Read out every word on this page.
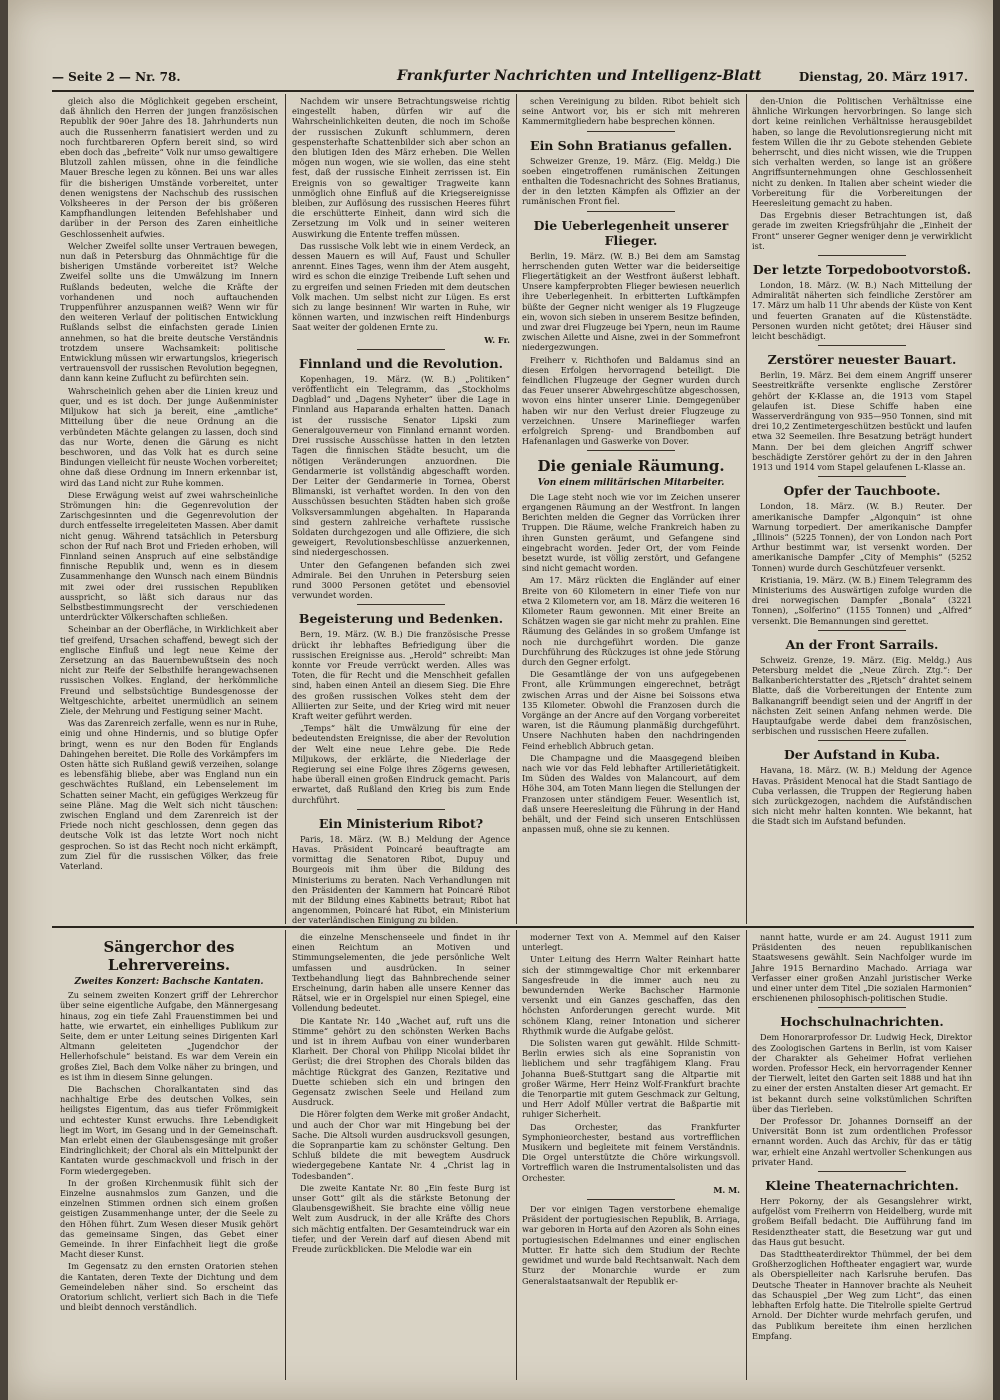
— Seite 2 — Nr. 78.	Frankfurter Nachrichten und Intelligenz-Blatt	Dienstag, 20. März 1917.

gleich also die Möglichkeit gegeben erscheint, daß ähnlich den Herren der jungen französischen Republik der 90er Jahre des 18. Jahrhunderts nun auch die Russenherrn fanatisiert werden und zu noch furchtbareren Opfern bereit sind, so wird eben doch das „befreite“ Volk nur umso gewaltigere Blutzoll zahlen müssen, ohne in die feindliche Mauer Bresche legen zu können. Bei uns war alles für die bisherigen Umstände vorbereitet, unter denen wenigstens der Nachschub des russischen Volksheeres in der Person der bis größeren Kampfhandlungen leitenden Befehlshaber und darüber in der Person des Zaren einheitliche Geschlossenheit aufwies.

Welcher Zweifel sollte unser Vertrauen bewegen, nun daß in Petersburg das Ohnmächtige für die bisherigen Umstände vorbereitet ist? Welche Zweifel sollte uns die Umwälzung im Innern Rußlands bedeuten, welche die Kräfte der vorhandenen und noch auftauchenden Truppenführer anzuspannen weiß? Wenn wir für den weiteren Verlauf der politischen Entwicklung Rußlands selbst die einfachsten gerade Linien annehmen, so hat die breite deutsche Verständnis trotzdem unsere Wachsamkeit: politische Entwicklung müssen wir erwartungslos, kriegerisch vertrauensvoll der russischen Revolution begegnen, dann kann keine Zuflucht zu befürchten sein.

Wahrscheinlich gehen aber die Linien kreuz und quer, und es ist doch. Der junge Außenminister Miljukow hat sich ja bereit, eine „amtliche“ Mitteilung über die neue Ordnung an die verbündeten Mächte gelangen zu lassen, doch sind das nur Worte, denen die Gärung es nicht beschworen, und das Volk hat es durch seine Bindungen vielleicht für neuste Wochen vorbereitet; ohne daß diese Ordnung im Innern erkennbar ist, wird das Land nicht zur Ruhe kommen.

Diese Erwägung weist auf zwei wahrscheinliche Strömungen hin: die Gegenrevolution der Zarischgesinnten und die Gegenrevolution der durch entfesselte irregeleiteten Massen. Aber damit nicht genug. Während tatsächlich in Petersburg schon der Ruf nach Brot und Frieden erhoben, will Finnland seinen Anspruch auf eine selbständige finnische Republik und, wenn es in diesem Zusammenhange den Wunsch nach einem Bündnis mit zwei oder drei russischen Republiken ausspricht, so läßt sich daraus nur das Selbstbestimmungsrecht der verschiedenen unterdrückter Völkerschaften schließen.

Scheinbar an der Oberfläche, in Wirklichkeit aber tief greifend, Ursachen schaffend, bewegt sich der englische Einfluß und legt neue Keime der Zersetzung an das Bauernbewußtsein des noch nicht zur Reife der Selbsthilfe herangewachsenen russischen Volkes. England, der herkömmliche Freund und selbstsüchtige Bundesgenosse der Weltgeschichte, arbeitet unermüdlich an seinem Ziele, der Mehrung und Festigung seiner Macht.

Was das Zarenreich zerfalle, wenn es nur in Ruhe, einig und ohne Hindernis, und so blutige Opfer bringt, wenn es nur den Boden für Englands Dahingehen bereitet. Die Rolle des Vorkämpfers im Osten hätte sich Rußland gewiß verzeihen, solange es lebensfähig bliebe, aber was England nun ein geschwächtes Rußland, ein Lebenselement im Schatten seiner Macht, ein gefügiges Werkzeug für seine Pläne. Mag die Welt sich nicht täuschen: zwischen England und dem Zarenreich ist der Friede noch nicht geschlossen, denn gegen das deutsche Volk ist das letzte Wort noch nicht gesprochen. So ist das Recht noch nicht erkämpft, zum Ziel für die russischen Völker, das freie Vaterland.

Nachdem wir unsere Betrachtungsweise richtig eingestellt haben, dürfen wir auf die Wahrscheinlichkeiten deuten, die noch im Schoße der russischen Zukunft schlummern, deren gespensterhafte Schattenbilder sich aber schon an den blutigen Iden des März erheben. Die Wellen mögen nun wogen, wie sie wollen, das eine steht fest, daß der russische Einheit zerrissen ist. Ein Ereignis von so gewaltiger Tragweite kann unmöglich ohne Einfluß auf die Kriegsereignisse bleiben, zur Auflösung des russischen Heeres führt die erschütterte Einheit, dann wird sich die Zersetzung im Volk und in seiner weiteren Auswirkung die Entente treffen müssen.

Das russische Volk lebt wie in einem Verdeck, an dessen Mauern es will Auf, Faust und Schuller anrennt. Eines Tages, wenn ihm der Atem ausgeht, wird es schon die einzige Treibende Luft sehen und zu ergreifen und seinen Frieden mit dem deutschen Volk machen. Um selbst nicht zur Lügen. Es erst sich zu lange besinnen! Wir warten in Ruhe, wir können warten, und inzwischen reift Hindenburgs Saat weiter der goldenen Ernte zu.

W. Fr.
Finnland und die Revolution.

Kopenhagen, 19. März. (W. B.) „Politiken“ veröffentlicht ein Telegramm, das „Stockholms Dagblad“ und „Dagens Nyheter“ über die Lage in Finnland aus Haparanda erhalten hatten. Danach ist der russische Senator Lipski zum Generalgouverneur von Finnland ernannt worden. Drei russische Ausschüsse hatten in den letzten Tagen die finnischen Städte besucht, um die nötigen Veränderungen anzuordnen. Die Gendarmerie ist vollständig abgeschafft worden. Der Leiter der Gendarmerie in Tornea, Oberst Blimanski, ist verhaftet worden. In den von den Ausschüssen besuchten Städten haben sich große Volksversammlungen abgehalten. In Haparanda sind gestern zahlreiche verhaftete russische Soldaten durchgezogen und alle Offiziere, die sich geweigert, Revolutionsbeschlüsse anzuerkennen, sind niedergeschossen.

Unter den Gefangenen befanden sich zwei Admirale. Bei den Unruhen in Petersburg seien rund 3000 Personen getötet und ebensoviel verwundet worden.

Begeisterung und Bedenken.

Bern, 19. März. (W. B.) Die französische Presse drückt ihr lebhaftes Befriedigung über die russischen Ereignisse aus. „Herold“ schreibt: Man konnte vor Freude verrückt werden. Alles was Toten, die für Recht und die Menschheit gefallen sind, haben einen Anteil an diesem Sieg. Die Ehre des großen russischen Volkes steht dem der Alliierten zur Seite, und der Krieg wird mit neuer Kraft weiter geführt werden.

„Temps“ hält die Umwälzung für eine der bedeutendsten Ereignisse, die aber der Revolution der Welt eine neue Lehre gebe. Die Rede Miljukows, der erklärte, die Niederlage der Regierung sei eine Folge ihres Zögerns gewesen, habe überall einen großen Eindruck gemacht. Paris erwartet, daß Rußland den Krieg bis zum Ende durchführt.

Ein Ministerium Ribot?

Paris, 18. März. (W. B.) Meldung der Agence Havas. Präsident Poincaré beauftragte am vormittag die Senatoren Ribot, Dupuy und Bourgeois mit ihm über die Bildung des Ministeriums zu beraten. Nach Verhandlungen mit den Präsidenten der Kammern hat Poincaré Ribot mit der Bildung eines Kabinetts betraut; Ribot hat angenommen, Poincaré hat Ribot, ein Ministerium der vaterländischen Einigung zu bilden.

schen Vereinigung zu bilden. Ribot behielt sich seine Antwort vor, bis er sich mit mehreren Kammermitgliedern habe besprechen können.

Ein Sohn Bratianus gefallen.

Schweizer Grenze, 19. März. (Eig. Meldg.) Die soeben eingetroffenen rumänischen Zeitungen enthalten die Todesnachricht des Sohnes Bratianus, der in den letzten Kämpfen als Offizier an der rumänischen Front fiel.

Die Ueberlegenheit unserer Flieger.

Berlin, 19. März. (W. B.) Bei dem am Samstag herrschenden guten Wetter war die beiderseitige Fliegertätigkeit an der Westfront äußerst lebhaft. Unsere kampferprobten Flieger bewiesen neuerlich ihre Ueberlegenheit. In erbitterten Luftkämpfen büßte der Gegner nicht weniger als 19 Flugzeuge ein, wovon sich sieben in unserem Besitze befinden, und zwar drei Flugzeuge bei Ypern, neun im Raume zwischen Ailette und Aisne, zwei in der Sommefront niedergezwungen.

Freiherr v. Richthofen und Baldamus sind an diesen Erfolgen hervorragend beteiligt. Die feindlichen Flugzeuge der Gegner wurden durch das Feuer unserer Abwehrgeschütze abgeschossen, wovon eins hinter unserer Linie. Demgegenüber haben wir nur den Verlust dreier Flugzeuge zu verzeichnen. Unsere Marineflieger warfen erfolgreich Spreng- und Brandbomben auf Hafenanlagen und Gaswerke von Dover.

Die geniale Räumung.
Von einem militärischen Mitarbeiter.

Die Lage steht noch wie vor im Zeichen unserer ergangenen Räumung an der Westfront. In langen Berichten melden die Gegner das Vorrücken ihrer Truppen. Die Räume, welche Frankreich haben zu ihren Gunsten geräumt, und Gefangene sind eingebracht worden. Jeder Ort, der vom Feinde besetzt wurde, ist völlig zerstört, und Gefangene sind nicht gemacht worden.

Am 17. März rückten die Engländer auf einer Breite von 60 Kilometern in einer Tiefe von nur etwa 2 Kilometern vor, am 18. März die weiteren 16 Kilometer Raum gewonnen. Mit einer Breite an Schätzen wagen sie gar nicht mehr zu prahlen. Eine Räumung des Geländes in so großem Umfange ist noch nie durchgeführt worden. Die ganze Durchführung des Rückzuges ist ohne jede Störung durch den Gegner erfolgt.

Die Gesamtlänge der von uns aufgegebenen Front, alle Krümmungen eingerechnet, beträgt zwischen Arras und der Aisne bei Soissons etwa 135 Kilometer. Obwohl die Franzosen durch die Vorgänge an der Ancre auf den Vorgang vorbereitet waren, ist die Räumung planmäßig durchgeführt. Unsere Nachhuten haben den nachdringenden Feind erheblich Abbruch getan.

Die Champagne und die Maasgegend bleiben nach wie vor das Feld lebhafter Artillerietätigkeit. Im Süden des Waldes von Malancourt, auf dem Höhe 304, am Toten Mann liegen die Stellungen der Franzosen unter ständigem Feuer. Wesentlich ist, daß unsere Heeresleitung die Führung in der Hand behält, und der Feind sich unseren Entschlüssen anpassen muß, ohne sie zu kennen.

den-Union die Politischen Verhältnisse eine ähnliche Wirkungen hervorbringen. So lange sich dort keine reinlichen Verhältnisse herausgebildet haben, so lange die Revolutionsregierung nicht mit festem Willen die ihr zu Gebote stehenden Gebiete beherrscht, und dies nicht wissen, wie die Truppen sich verhalten werden, so lange ist an größere Angriffsunternehmungen ohne Geschlossenheit nicht zu denken. In Italien aber scheint wieder die Vorbereitung für die Vorbereitungen der Heeresleitung gemacht zu haben.

Das Ergebnis dieser Betrachtungen ist, daß gerade im zweiten Kriegsfrühjahr die „Einheit der Front“ unserer Gegner weniger denn je verwirklicht ist.

Der letzte Torpedobootvorstoß.

London, 18. März. (W. B.) Nach Mitteilung der Admiralität näherten sich feindliche Zerstörer am 17. März um halb 11 Uhr abends der Küste von Kent und feuerten Granaten auf die Küstenstädte. Personen wurden nicht getötet; drei Häuser sind leicht beschädigt.

Zerstörer neuester Bauart.

Berlin, 19. März. Bei dem einem Angriff unserer Seestreitkräfte versenkte englische Zerstörer gehört der K-Klasse an, die 1913 vom Stapel gelaufen ist. Diese Schiffe haben eine Wasserverdrängung von 935—950 Tonnen, sind mit drei 10,2 Zentimetergeschützen bestückt und laufen etwa 32 Seemeilen. Ihre Besatzung beträgt hundert Mann. Der bei dem gleichen Angriff schwer beschädigte Zerstörer gehört zu der in den Jahren 1913 und 1914 vom Stapel gelaufenen L-Klasse an.

Opfer der Tauchboote.

London, 18. März. (W. B.) Reuter. Der amerikanische Dampfer „Algonquin“ ist ohne Warnung torpediert. Der amerikanische Dampfer „Illinois“ (5225 Tonnen), der von London nach Port Arthur bestimmt war, ist versenkt worden. Der amerikanische Dampfer „City of Memphis“ (5252 Tonnen) wurde durch Geschützfeuer versenkt.

Kristiania, 19. März. (W. B.) Einem Telegramm des Ministeriums des Auswärtigen zufolge wurden die drei norwegischen Dampfer „Bonala“ (3221 Tonnen), „Solferino“ (1155 Tonnen) und „Alfred“ versenkt. Die Bemannungen sind gerettet.

An der Front Sarrails.

Schweiz. Grenze, 19. März. (Eig. Meldg.) Aus Petersburg meldet die „Neue Zürch. Ztg.“: Der Balkanberichterstatter des „Rjetsch“ drahtet seinem Blatte, daß die Vorbereitungen der Entente zum Balkanangriff beendigt seien und der Angriff in der nächsten Zeit seinen Anfang nehmen werde. Die Hauptaufgabe werde dabei dem französischen, serbischen und russischen Heere zufallen.

Der Aufstand in Kuba.

Havana, 18. März. (W. B.) Meldung der Agence Havas. Präsident Menocal hat die Stadt Santiago de Cuba verlassen, die Truppen der Regierung haben sich zurückgezogen, nachdem die Aufständischen sich nicht mehr halten konnten. Wie bekannt, hat die Stadt sich im Aufstand befunden.

Sängerchor des Lehrervereins.
Zweites Konzert: Bachsche Kantaten.

Zu seinem zweiten Konzert griff der Lehrerchor über seine eigentliche Aufgabe, den Männergesang hinaus, zog ein tiefe Zahl Frauenstimmen bei und hatte, wie erwartet, ein einhelliges Publikum zur Seite, dem er unter Leitung seines Dirigenten Karl Altmann geleiteten „Jugendchor der Hellerhofschule“ beistand. Es war dem Verein ein großes Ziel, Bach dem Volke näher zu bringen, und es ist ihm in diesem Sinne gelungen.

Die Bachschen Choralkantaten sind das nachhaltige Erbe des deutschen Volkes, sein heiligstes Eigentum, das aus tiefer Frömmigkeit und echtester Kunst erwuchs. Ihre Lebendigkeit liegt im Wort, im Gesang und in der Gemeinschaft. Man erlebt einen der Glaubensgesänge mit großer Eindringlichkeit; der Choral als ein Mittelpunkt der Kantaten wurde geschmackvoll und frisch in der Form wiedergegeben.

In der großen Kirchenmusik fühlt sich der Einzelne ausnahmslos zum Ganzen, und die einzelnen Stimmen ordnen sich einem großen geistigen Zusammenhange unter, der die Seele zu den Höhen führt. Zum Wesen dieser Musik gehört das gemeinsame Singen, das Gebet einer Gemeinde. In ihrer Einfachheit liegt die große Macht dieser Kunst.

Im Gegensatz zu den ernsten Oratorien stehen die Kantaten, deren Texte der Dichtung und dem Gemeindeleben näher sind. So erscheint das Oratorium schlicht, verliert sich Bach in die Tiefe und bleibt dennoch verständlich.

die einzelne Menschenseele und findet in ihr einen Reichtum an Motiven und Stimmungselementen, die jede persönliche Welt umfassen und ausdrücken. In seiner Textbehandlung liegt das Bahnbrechende seiner Erscheinung, darin haben alle unsere Kenner das Rätsel, wie er in Orgelspiel nur einen Spiegel, eine Vollendung bedeutet.

Die Kantate Nr. 140 „Wachet auf, ruft uns die Stimme“ gehört zu den schönsten Werken Bachs und ist in ihrem Aufbau von einer wunderbaren Klarheit. Der Choral von Philipp Nicolai bildet ihr Gerüst; die drei Strophen des Chorals bilden das mächtige Rückgrat des Ganzen, Rezitative und Duette schieben sich ein und bringen den Gegensatz zwischen Seele und Heiland zum Ausdruck.

Die Hörer folgten dem Werke mit großer Andacht, und auch der Chor war mit Hingebung bei der Sache. Die Altsoli wurden ausdrucksvoll gesungen, die Sopranpartie kam zu schönster Geltung. Den Schluß bildete die mit bewegtem Ausdruck wiedergegebene Kantate Nr. 4 „Christ lag in Todesbanden“.

Die zweite Kantate Nr. 80 „Ein feste Burg ist unser Gott“ gilt als die stärkste Betonung der Glaubensgewißheit. Sie brachte eine völlig neue Welt zum Ausdruck, in der alle Kräfte des Chors sich mächtig entfalten. Der Gesamteindruck war ein tiefer, und der Verein darf auf diesen Abend mit Freude zurückblicken. Die Melodie war ein

moderner Text von A. Memmel auf den Kaiser unterlegt.

Unter Leitung des Herrn Walter Reinhart hatte sich der stimmgewaltige Chor mit erkennbarer Sangesfreude in die immer auch neu zu bewundernden Werke Bachscher Harmonie versenkt und ein Ganzes geschaffen, das den höchsten Anforderungen gerecht wurde. Mit schönem Klang, reiner Intonation und sicherer Rhythmik wurde die Aufgabe gelöst.

Die Solisten waren gut gewählt. Hilde Schmitt-Berlin erwies sich als eine Sopranistin von lieblichem und sehr tragfähigem Klang. Frau Johanna Bueß-Stuttgart sang die Altpartie mit großer Wärme, Herr Heinz Wolf-Frankfurt brachte die Tenorpartie mit gutem Geschmack zur Geltung, und Herr Adolf Müller vertrat die Baßpartie mit ruhiger Sicherheit.

Das Orchester, das Frankfurter Symphonieorchester, bestand aus vortrefflichen Musikern und begleitete mit feinem Verständnis. Die Orgel unterstützte die Chöre wirkungsvoll. Vortrefflich waren die Instrumentalsolisten und das Orchester.

M. M.

Der vor einigen Tagen verstorbene ehemalige Präsident der portugiesischen Republik, B. Arriaga, war geboren in Horta auf den Azoren als Sohn eines portugiesischen Edelmannes und einer englischen Mutter. Er hatte sich dem Studium der Rechte gewidmet und wurde bald Rechtsanwalt. Nach dem Sturz der Monarchie wurde er zum Generalstaatsanwalt der Republik er-

nannt hatte, wurde er am 24. August 1911 zum Präsidenten des neuen republikanischen Staatswesens gewählt. Sein Nachfolger wurde im Jahre 1915 Bernardino Machado. Arriaga war Verfasser einer großen Anzahl juristischer Werke und einer unter dem Titel „Die sozialen Harmonien“ erschienenen philosophisch-politischen Studie.

Hochschulnachrichten.

Dem Honorarprofessor Dr. Ludwig Heck, Direktor des Zoologischen Gartens in Berlin, ist vom Kaiser der Charakter als Geheimer Hofrat verliehen worden. Professor Heck, ein hervorragender Kenner der Tierwelt, leitet den Garten seit 1888 und hat ihn zu einer der ersten Anstalten dieser Art gemacht. Er ist bekannt durch seine volkstümlichen Schriften über das Tierleben.

Der Professor Dr. Johannes Dornseiff an der Universität Bonn ist zum ordentlichen Professor ernannt worden. Auch das Archiv, für das er tätig war, erhielt eine Anzahl wertvoller Schenkungen aus privater Hand.

Kleine Theaternachrichten.

Herr Pokorny, der als Gesangslehrer wirkt, aufgelöst vom Freiherrn von Heidelberg, wurde mit großem Beifall bedacht. Die Aufführung fand im Residenztheater statt, die Besetzung war gut und das Haus gut besucht.

Das Stadttheaterdirektor Thümmel, der bei dem Großherzoglichen Hoftheater engagiert war, wurde als Oberspielleiter nach Karlsruhe berufen. Das Deutsche Theater in Hannover brachte als Neuheit das Schauspiel „Der Weg zum Licht“, das einen lebhaften Erfolg hatte. Die Titelrolle spielte Gertrud Arnold. Der Dichter wurde mehrfach gerufen, und das Publikum bereitete ihm einen herzlichen Empfang.
